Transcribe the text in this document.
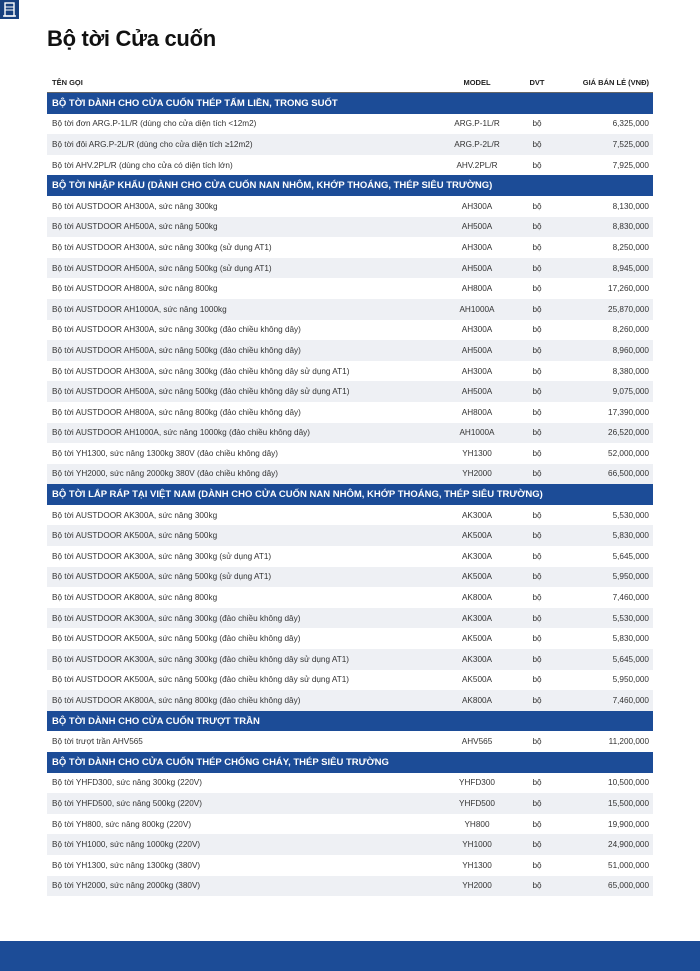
Bộ tời Cửa cuốn
TÊN GỌI	MODEL	DVT	GIÁ BÁN LẺ (VNĐ)
BỘ TỜI DÀNH CHO CỬA CUỐN THÉP TẤM LIỀN, TRONG SUỐT
Bộ tời đơn ARG.P-1L/R (dùng cho cửa diện tích <12m2)	ARG.P-1L/R	bộ	6,325,000
Bộ tời đôi ARG.P-2L/R (dùng cho cửa diện tích ≥12m2)	ARG.P-2L/R	bộ	7,525,000
Bộ tời AHV.2PL/R (dùng cho cửa có diện tích lớn)	AHV.2PL/R	bộ	7,925,000
BỘ TỜI NHẬP KHẨU (DÀNH CHO CỬA CUỐN NAN NHÔM, KHỚP THOÁNG, THÉP SIÊU TRƯỜNG)
Bộ tời AUSTDOOR AH300A, sức nâng 300kg	AH300A	bộ	8,130,000
Bộ tời AUSTDOOR AH500A, sức nâng 500kg	AH500A	bộ	8,830,000
Bộ tời AUSTDOOR AH300A, sức nâng 300kg (sử dụng AT1)	AH300A	bộ	8,250,000
Bộ tời AUSTDOOR AH500A, sức nâng 500kg (sử dụng AT1)	AH500A	bộ	8,945,000
Bộ tời AUSTDOOR AH800A, sức nâng 800kg	AH800A	bộ	17,260,000
Bộ tời AUSTDOOR AH1000A, sức nâng 1000kg	AH1000A	bộ	25,870,000
Bộ tời AUSTDOOR AH300A, sức nâng 300kg (đảo chiều không dây)	AH300A	bộ	8,260,000
Bộ tời AUSTDOOR AH500A, sức nâng 500kg (đảo chiều không dây)	AH500A	bộ	8,960,000
Bộ tời AUSTDOOR AH300A, sức nâng 300kg (đảo chiều không dây sử dụng AT1)	AH300A	bộ	8,380,000
Bộ tời AUSTDOOR AH500A, sức nâng 500kg (đảo chiều không dây sử dụng AT1)	AH500A	bộ	9,075,000
Bộ tời AUSTDOOR AH800A, sức nâng 800kg (đảo chiều không dây)	AH800A	bộ	17,390,000
Bộ tời AUSTDOOR AH1000A, sức nâng 1000kg (đảo chiều không dây)	AH1000A	bộ	26,520,000
Bộ tời YH1300, sức nâng 1300kg 380V (đảo chiều không dây)	YH1300	bộ	52,000,000
Bộ tời YH2000, sức nâng 2000kg 380V (đảo chiều không dây)	YH2000	bộ	66,500,000
BỘ TỜI LẮP RÁP TẠI VIỆT NAM (DÀNH CHO CỬA CUỐN NAN NHÔM, KHỚP THOÁNG, THÉP SIÊU TRƯỜNG)
Bộ tời AUSTDOOR AK300A, sức nâng 300kg	AK300A	bộ	5,530,000
Bộ tời AUSTDOOR AK500A, sức nâng 500kg	AK500A	bộ	5,830,000
Bộ tời AUSTDOOR AK300A, sức nâng 300kg (sử dụng AT1)	AK300A	bộ	5,645,000
Bộ tời AUSTDOOR AK500A, sức nâng 500kg (sử dụng AT1)	AK500A	bộ	5,950,000
Bộ tời AUSTDOOR AK800A, sức nâng 800kg	AK800A	bộ	7,460,000
Bộ tời AUSTDOOR AK300A, sức nâng 300kg (đảo chiều không dây)	AK300A	bộ	5,530,000
Bộ tời AUSTDOOR AK500A, sức nâng 500kg (đảo chiều không dây)	AK500A	bộ	5,830,000
Bộ tời AUSTDOOR AK300A, sức nâng 300kg (đảo chiều không dây sử dụng AT1)	AK300A	bộ	5,645,000
Bộ tời AUSTDOOR AK500A, sức nâng 500kg (đảo chiều không dây sử dụng AT1)	AK500A	bộ	5,950,000
Bộ tời AUSTDOOR AK800A, sức nâng 800kg (đảo chiều không dây)	AK800A	bộ	7,460,000
BỘ TỜI DÀNH CHO CỬA CUỐN TRƯỢT TRẦN
Bộ tời trượt trần AHV565	AHV565	bộ	11,200,000
BỘ TỜI DÀNH CHO CỬA CUỐN THÉP CHỐNG CHÁY, THÉP SIÊU TRƯỜNG
Bộ tời YHFD300, sức nâng 300kg (220V)	YHFD300	bộ	10,500,000
Bộ tời YHFD500, sức nâng 500kg (220V)	YHFD500	bộ	15,500,000
Bộ tời YH800, sức nâng 800kg (220V)	YH800	bộ	19,900,000
Bộ tời YH1000, sức nâng 1000kg (220V)	YH1000	bộ	24,900,000
Bộ tời YH1300, sức nâng 1300kg (380V)	YH1300	bộ	51,000,000
Bộ tời YH2000, sức nâng 2000kg (380V)	YH2000	bộ	65,000,000
